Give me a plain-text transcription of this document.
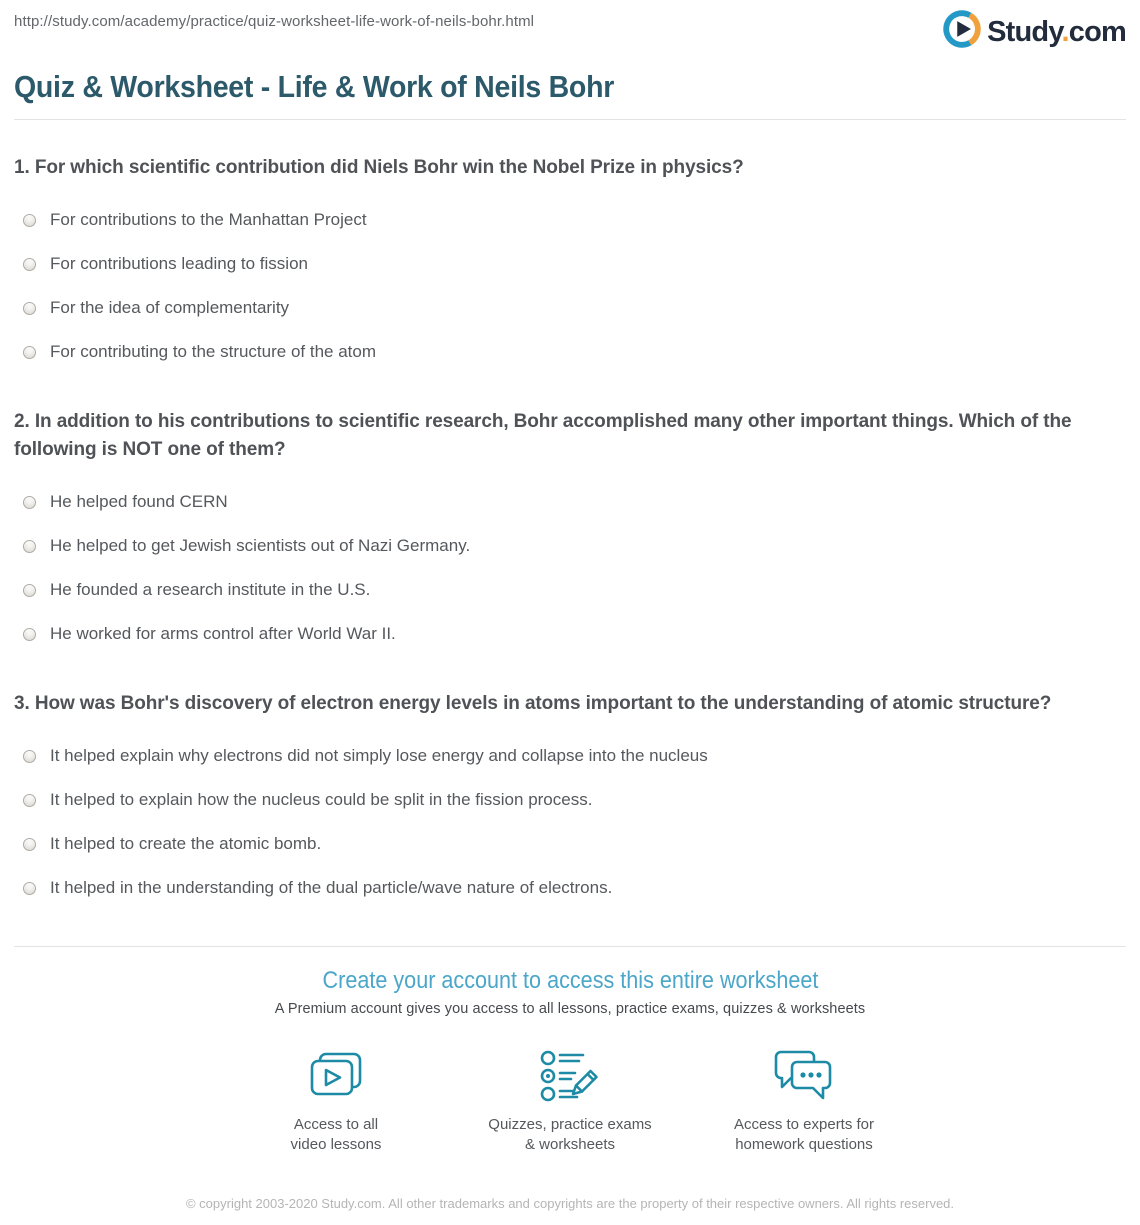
http://study.com/academy/practice/quiz-worksheet-life-work-of-neils-bohr.html	Study.com
Quiz & Worksheet - Life & Work of Neils Bohr
1. For which scientific contribution did Niels Bohr win the Nobel Prize in physics?
For contributions to the Manhattan Project
For contributions leading to fission
For the idea of complementarity
For contributing to the structure of the atom
2. In addition to his contributions to scientific research, Bohr accomplished many other important things. Which of the following is NOT one of them?
He helped found CERN
He helped to get Jewish scientists out of Nazi Germany.
He founded a research institute in the U.S.
He worked for arms control after World War II.
3. How was Bohr's discovery of electron energy levels in atoms important to the understanding of atomic structure?
It helped explain why electrons did not simply lose energy and collapse into the nucleus
It helped to explain how the nucleus could be split in the fission process.
It helped to create the atomic bomb.
It helped in the understanding of the dual particle/wave nature of electrons.
Create your account to access this entire worksheet
A Premium account gives you access to all lessons, practice exams, quizzes & worksheets
Access to all
video lessons
Quizzes, practice exams
& worksheets
Access to experts for
homework questions
© copyright 2003-2020 Study.com. All other trademarks and copyrights are the property of their respective owners. All rights reserved.
